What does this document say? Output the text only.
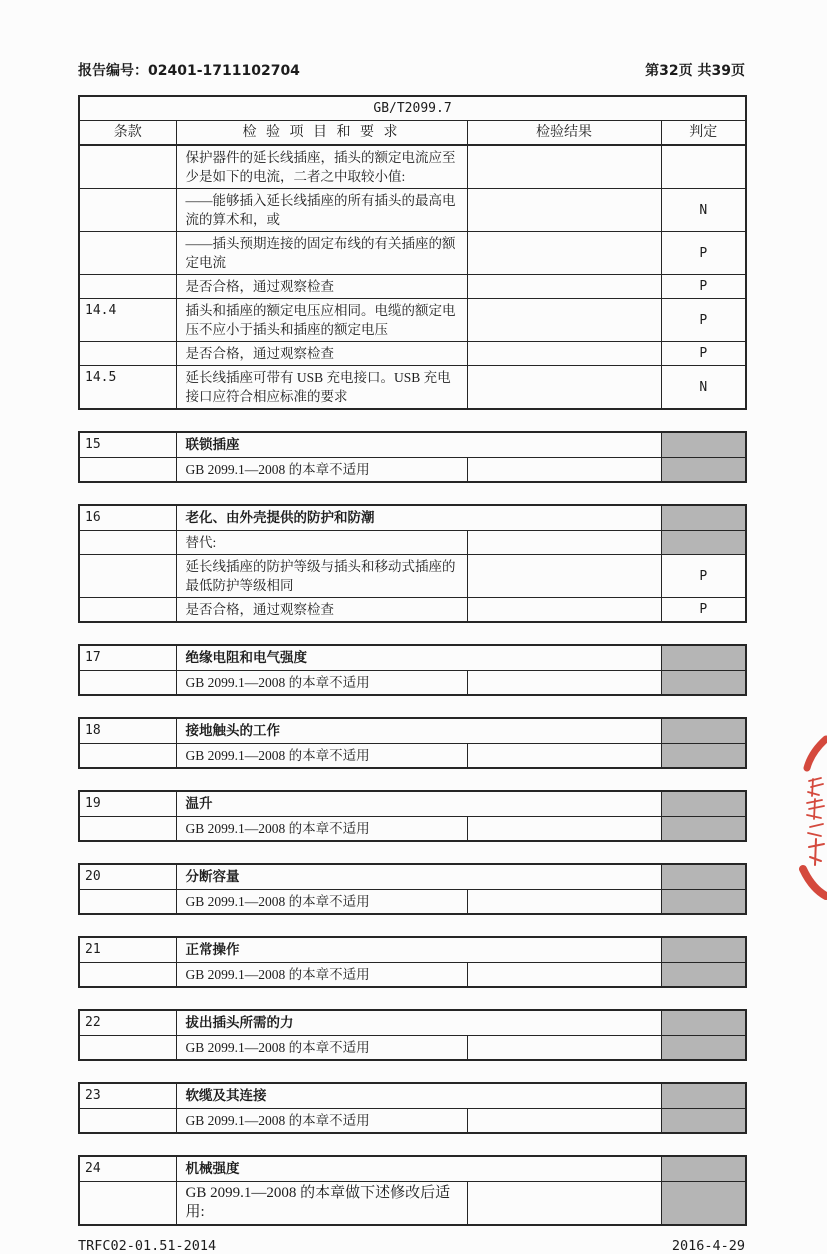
报告编号：02401-1711102704	第32页 共39页
GB/T2099.7			
条款	检 验 项 目 和 要 求	检验结果	判定
	保护器件的延长线插座，插头的额定电流应至少是如下的电流，二者之中取较小值:		
	——能够插入延长线插座的所有插头的最高电流的算术和，或		N
	——插头预期连接的固定布线的有关插座的额定电流		P
	是否合格，通过观察检查		P
14.4	插头和插座的额定电压应相同。电缆的额定电压不应小于插头和插座的额定电压		P
	是否合格，通过观察检查		P
14.5	延长线插座可带有 USB 充电接口。USB 充电接口应符合相应标准的要求		N
15	联锁插座		
	GB 2099.1—2008 的本章不适用		
16	老化、由外壳提供的防护和防潮		
	替代:		
	延长线插座的防护等级与插头和移动式插座的最低防护等级相同		P
	是否合格，通过观察检查		P
17	绝缘电阻和电气强度		
	GB 2099.1—2008 的本章不适用		
18	接地触头的工作		
	GB 2099.1—2008 的本章不适用		
19	温升		
	GB 2099.1—2008 的本章不适用		
20	分断容量		
	GB 2099.1—2008 的本章不适用		
21	正常操作		
	GB 2099.1—2008 的本章不适用		
22	拔出插头所需的力		
	GB 2099.1—2008 的本章不适用		
23	软缆及其连接		
	GB 2099.1—2008 的本章不适用		
24	机械强度		
	GB 2099.1—2008 的本章做下述修改后适用:		
TRFC02-01.51-2014	2016-4-29
